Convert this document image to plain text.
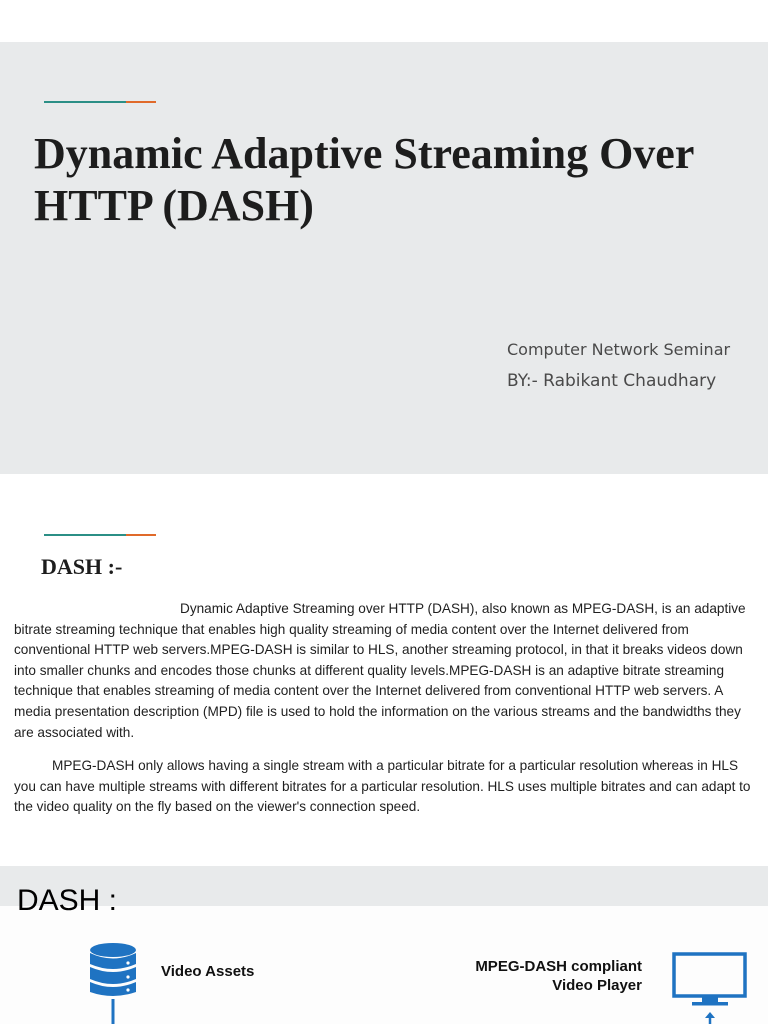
Dynamic Adaptive Streaming Over HTTP (DASH)
Computer Network Seminar
BY:- Rabikant Chaudhary
DASH :-

Dynamic Adaptive Streaming over HTTP (DASH), also known as MPEG-DASH, is an adaptive bitrate streaming technique that enables high quality streaming of media content over the Internet delivered from conventional HTTP web servers.MPEG-DASH is similar to HLS, another streaming protocol, in that it breaks videos down into smaller chunks and encodes those chunks at different quality levels.MPEG-DASH is an adaptive bitrate streaming technique that enables streaming of media content over the Internet delivered from conventional HTTP web servers. A media presentation description (MPD) file is used to hold the information on the various streams and the bandwidths they are associated with.

MPEG-DASH only allows having a single stream with a particular bitrate for a particular resolution whereas in HLS you can have multiple streams with different bitrates for a particular resolution. HLS uses multiple bitrates and can adapt to the video quality on the fly based on the viewer's connection speed.

DASH :
Video Assets	MPEG-DASH compliant
Video Player
